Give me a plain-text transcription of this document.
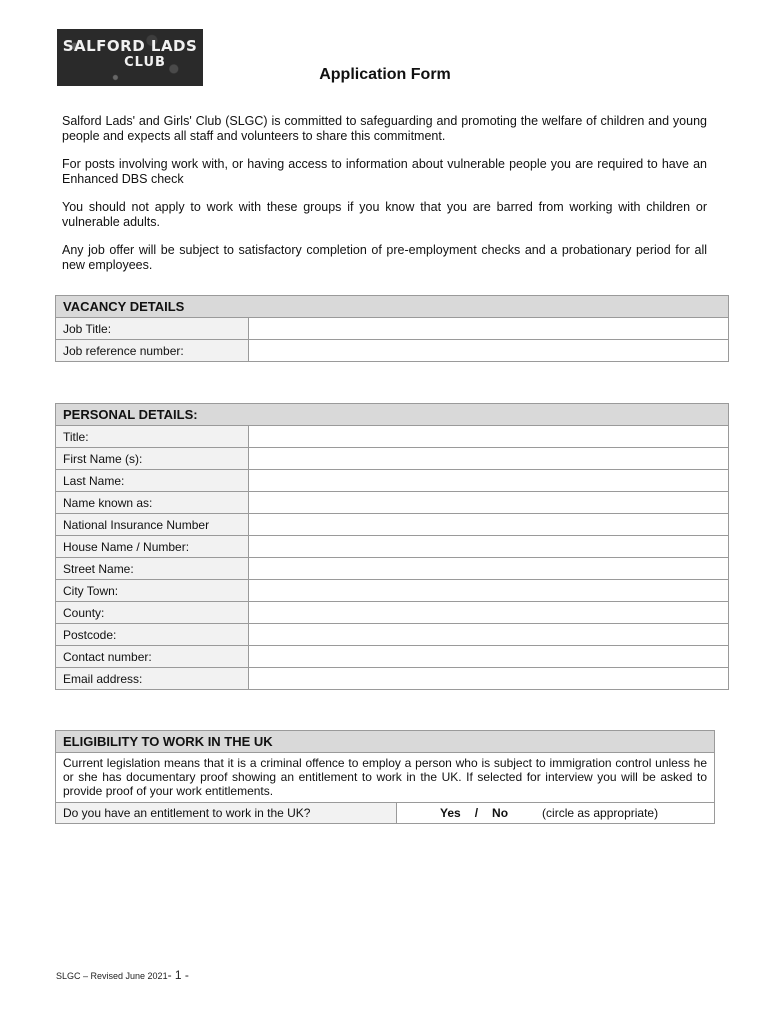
SALFORD LADS
CLUB
Application Form

Salford Lads' and Girls' Club (SLGC) is committed to safeguarding and promoting the welfare of children and young people and expects all staff and volunteers to share this commitment.

For posts involving work with, or having access to information about vulnerable people you are required to have an Enhanced DBS check

You should not apply to work with these groups if you know that you are barred from working with children or vulnerable adults.

Any job offer will be subject to satisfactory completion of pre-employment checks and a probationary period for all new employees.

VACANCY DETAILS	
Job Title:	
Job reference number:	
PERSONAL DETAILS:	
Title:	
First Name (s):	
Last Name:	
Name known as:	
National Insurance Number	
House Name / Number:	
Street Name:	
City Town:	
County:	
Postcode:	
Contact number:	
Email address:	
ELIGIBILITY TO WORK IN THE UK
Current legislation means that it is a criminal offence to employ a person who is subject to immigration control unless he or she has documentary proof showing an entitlement to work in the UK. If selected for interview you will be asked to provide proof of your work entitlements.
Do you have an entitlement to work in the UK?	Yes / No	(circle as appropriate)
SLGC – Revised June 2021- 1 -
